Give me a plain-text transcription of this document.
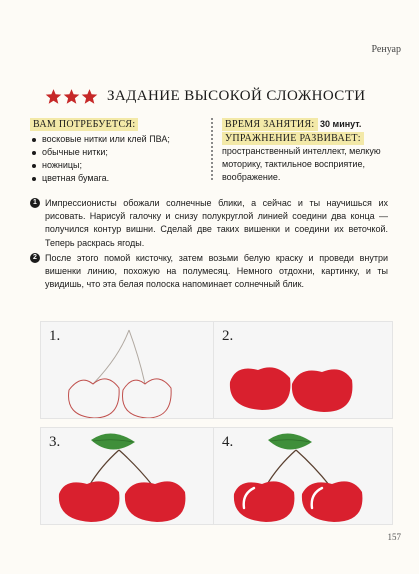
Ренуар
ЗАДАНИЕ ВЫСОКОЙ СЛОЖНОСТИ
ВАМ ПОТРЕБУЕТСЯ:
восковые нитки или клей ПВА;
обычные нитки;
ножницы;
цветная бумага.
ВРЕМЯ ЗАНЯТИЯ: 30 минут.
УПРАЖНЕНИЕ РАЗВИВАЕТ:
пространственный интеллект, мелкую моторику, тактильное восприятие, воображение.
1 Импрессионисты обожали солнечные блики, а сейчас и ты научишься их рисовать. Нарисуй галочку и снизу полукруглой линией соедини два конца — получился контур вишни. Сделай две таких вишенки и соедини их веточкой. Теперь раскрась ягоды.
2 После этого помой кисточку, затем возьми белую краску и проведи внутри вишенки линию, похожую на полумесяц. Немного отдохни, картинку, и ты увидишь, что эта белая полоска напоминает солнечный блик.
1.	2.
3.	4.
157
